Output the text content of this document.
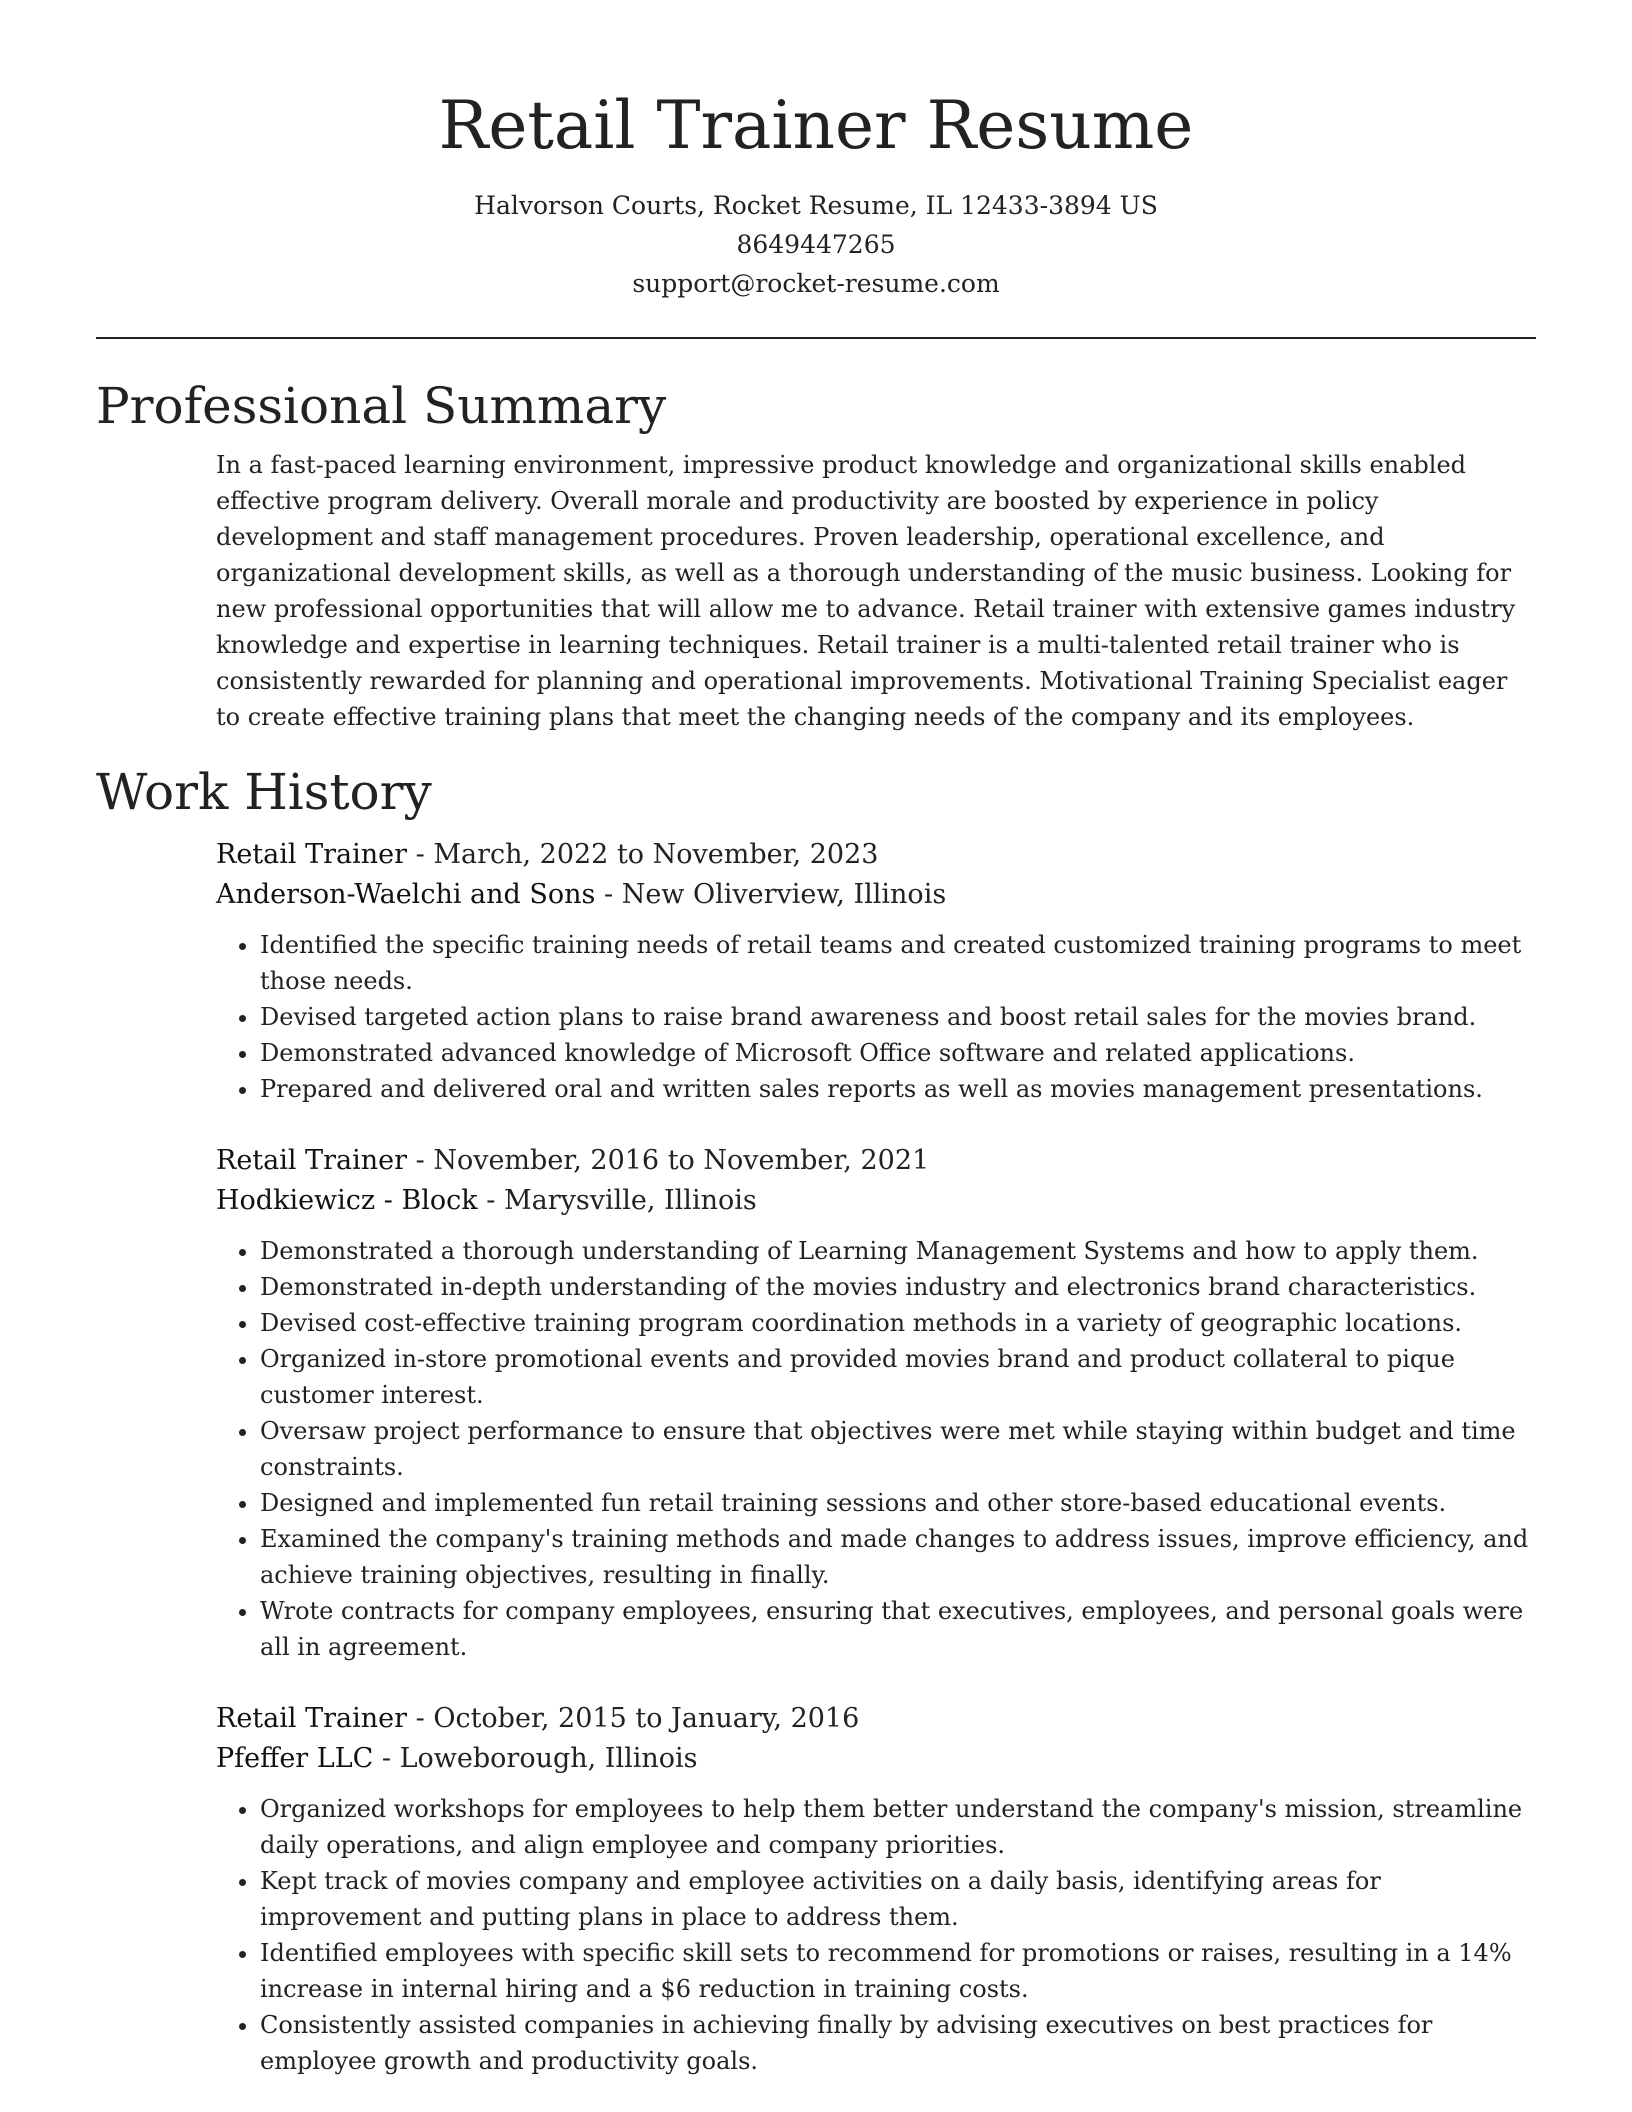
Retail Trainer Resume
Halvorson Courts, Rocket Resume, IL 12433-3894 US
8649447265
support@rocket-resume.com
Professional Summary

In a fast-paced learning environment, impressive product knowledge and organizational skills enabled effective program delivery. Overall morale and productivity are boosted by experience in policy development and staff management procedures. Proven leadership, operational excellence, and organizational development skills, as well as a thorough understanding of the music business. Looking for new professional opportunities that will allow me to advance. Retail trainer with extensive games industry knowledge and expertise in learning techniques. Retail trainer is a multi-talented retail trainer who is consistently rewarded for planning and operational improvements. Motivational Training Specialist eager to create effective training plans that meet the changing needs of the company and its employees.

Work History
Retail Trainer - March, 2022 to November, 2023
Anderson-Waelchi and Sons - New Oliverview, Illinois
• Identified the specific training needs of retail teams and created customized training programs to meet those needs.
• Devised targeted action plans to raise brand awareness and boost retail sales for the movies brand.
• Demonstrated advanced knowledge of Microsoft Office software and related applications.
• Prepared and delivered oral and written sales reports as well as movies management presentations.
Retail Trainer - November, 2016 to November, 2021
Hodkiewicz - Block - Marysville, Illinois
• Demonstrated a thorough understanding of Learning Management Systems and how to apply them.
• Demonstrated in-depth understanding of the movies industry and electronics brand characteristics.
• Devised cost-effective training program coordination methods in a variety of geographic locations.
• Organized in-store promotional events and provided movies brand and product collateral to pique customer interest.
• Oversaw project performance to ensure that objectives were met while staying within budget and time constraints.
• Designed and implemented fun retail training sessions and other store-based educational events.
• Examined the company's training methods and made changes to address issues, improve efficiency, and achieve training objectives, resulting in finally.
• Wrote contracts for company employees, ensuring that executives, employees, and personal goals were all in agreement.
Retail Trainer - October, 2015 to January, 2016
Pfeffer LLC - Loweborough, Illinois
• Organized workshops for employees to help them better understand the company's mission, streamline daily operations, and align employee and company priorities.
• Kept track of movies company and employee activities on a daily basis, identifying areas for improvement and putting plans in place to address them.
• Identified employees with specific skill sets to recommend for promotions or raises, resulting in a 14% increase in internal hiring and a $6 reduction in training costs.
• Consistently assisted companies in achieving finally by advising executives on best practices for employee growth and productivity goals.
